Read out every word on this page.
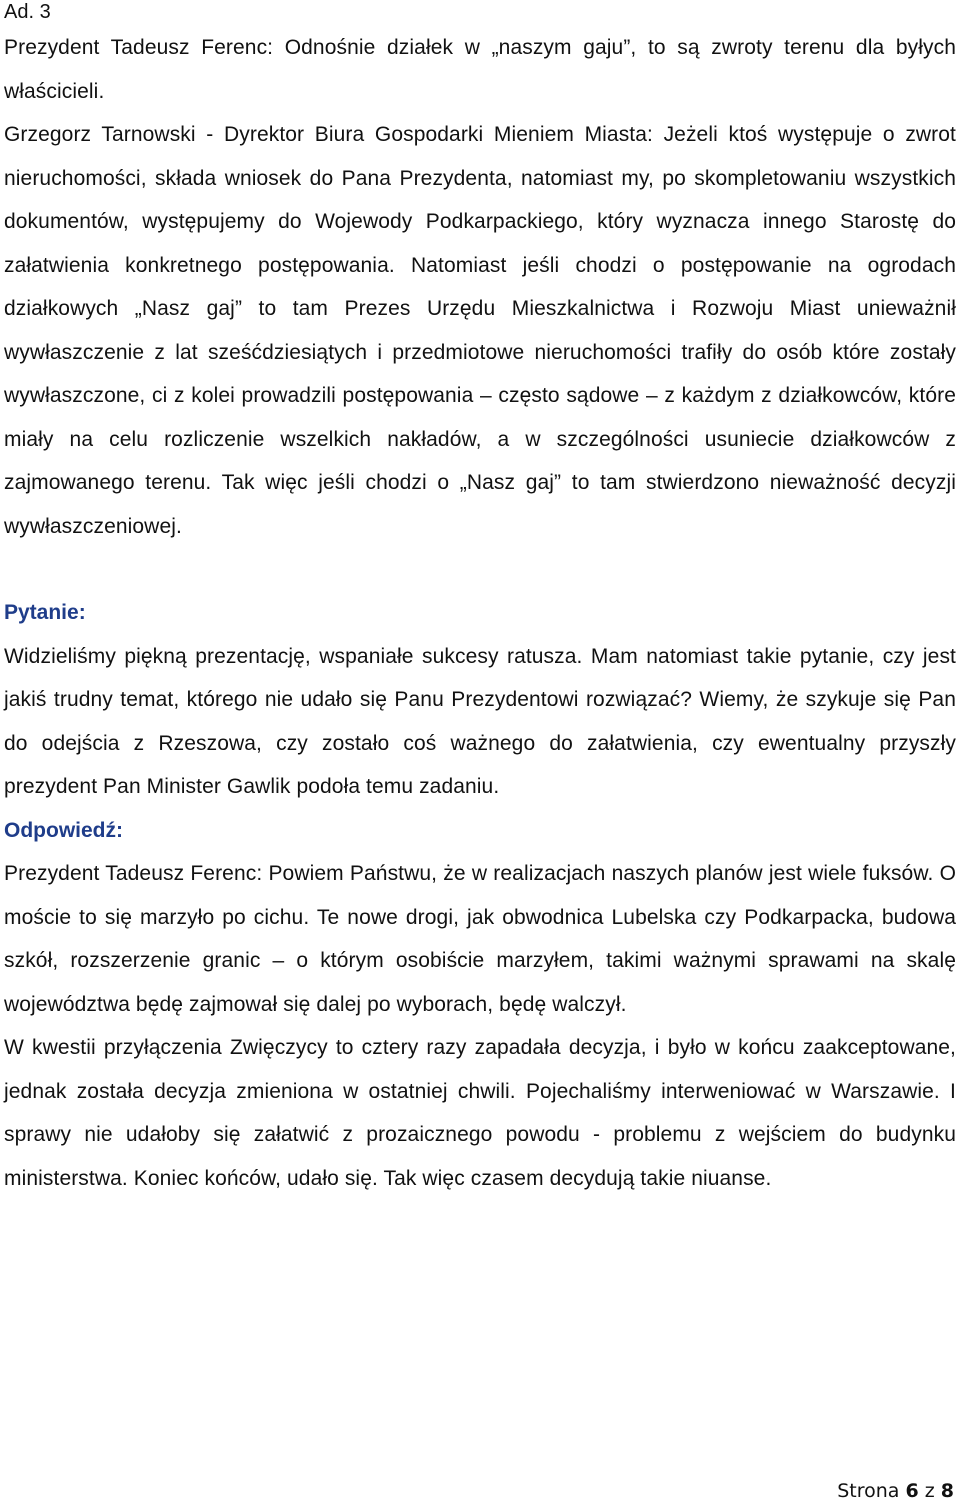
Ad. 3

Prezydent Tadeusz Ferenc: Odnośnie działek w „naszym gaju”, to są zwroty terenu dla byłych właścicieli.

Grzegorz Tarnowski - Dyrektor Biura Gospodarki Mieniem Miasta: Jeżeli ktoś występuje o zwrot nieruchomości, składa wniosek do Pana Prezydenta, natomiast my, po skompletowaniu wszystkich dokumentów, występujemy do Wojewody Podkarpackiego, który wyznacza innego Starostę do załatwienia konkretnego postępowania. Natomiast jeśli chodzi o postępowanie na ogrodach działkowych „Nasz gaj” to tam Prezes Urzędu Mieszkalnictwa i Rozwoju Miast unieważnił wywłaszczenie z lat sześćdziesiątych i przedmiotowe nieruchomości trafiły do osób które zostały wywłaszczone, ci z kolei prowadzili postępowania – często sądowe – z każdym z działkowców, które miały na celu rozliczenie wszelkich nakładów, a w szczególności usuniecie działkowców z zajmowanego terenu. Tak więc jeśli chodzi o „Nasz gaj” to tam stwierdzono nieważność decyzji wywłaszczeniowej.

Pytanie:

Widzieliśmy piękną prezentację, wspaniałe sukcesy ratusza. Mam natomiast takie pytanie, czy jest jakiś trudny temat, którego nie udało się Panu Prezydentowi rozwiązać? Wiemy, że szykuje się Pan do odejścia z Rzeszowa, czy zostało coś ważnego do załatwienia, czy ewentualny przyszły prezydent Pan Minister Gawlik podoła temu zadaniu.

Odpowiedź:

Prezydent Tadeusz Ferenc: Powiem Państwu, że w realizacjach naszych planów jest wiele fuksów. O moście to się marzyło po cichu. Te nowe drogi, jak obwodnica Lubelska czy Podkarpacka, budowa szkół, rozszerzenie granic – o którym osobiście marzyłem, takimi ważnymi sprawami na skalę województwa będę zajmował się dalej po wyborach, będę walczył.

W kwestii przyłączenia Zwięczycy to cztery razy zapadała decyzja, i było w końcu zaakceptowane, jednak została decyzja zmieniona w ostatniej chwili. Pojechaliśmy interweniować w Warszawie. I sprawy nie udałoby się załatwić z prozaicznego powodu - problemu z wejściem do budynku ministerstwa. Koniec końców, udało się. Tak więc czasem decydują takie niuanse.

Strona 6 z 8
